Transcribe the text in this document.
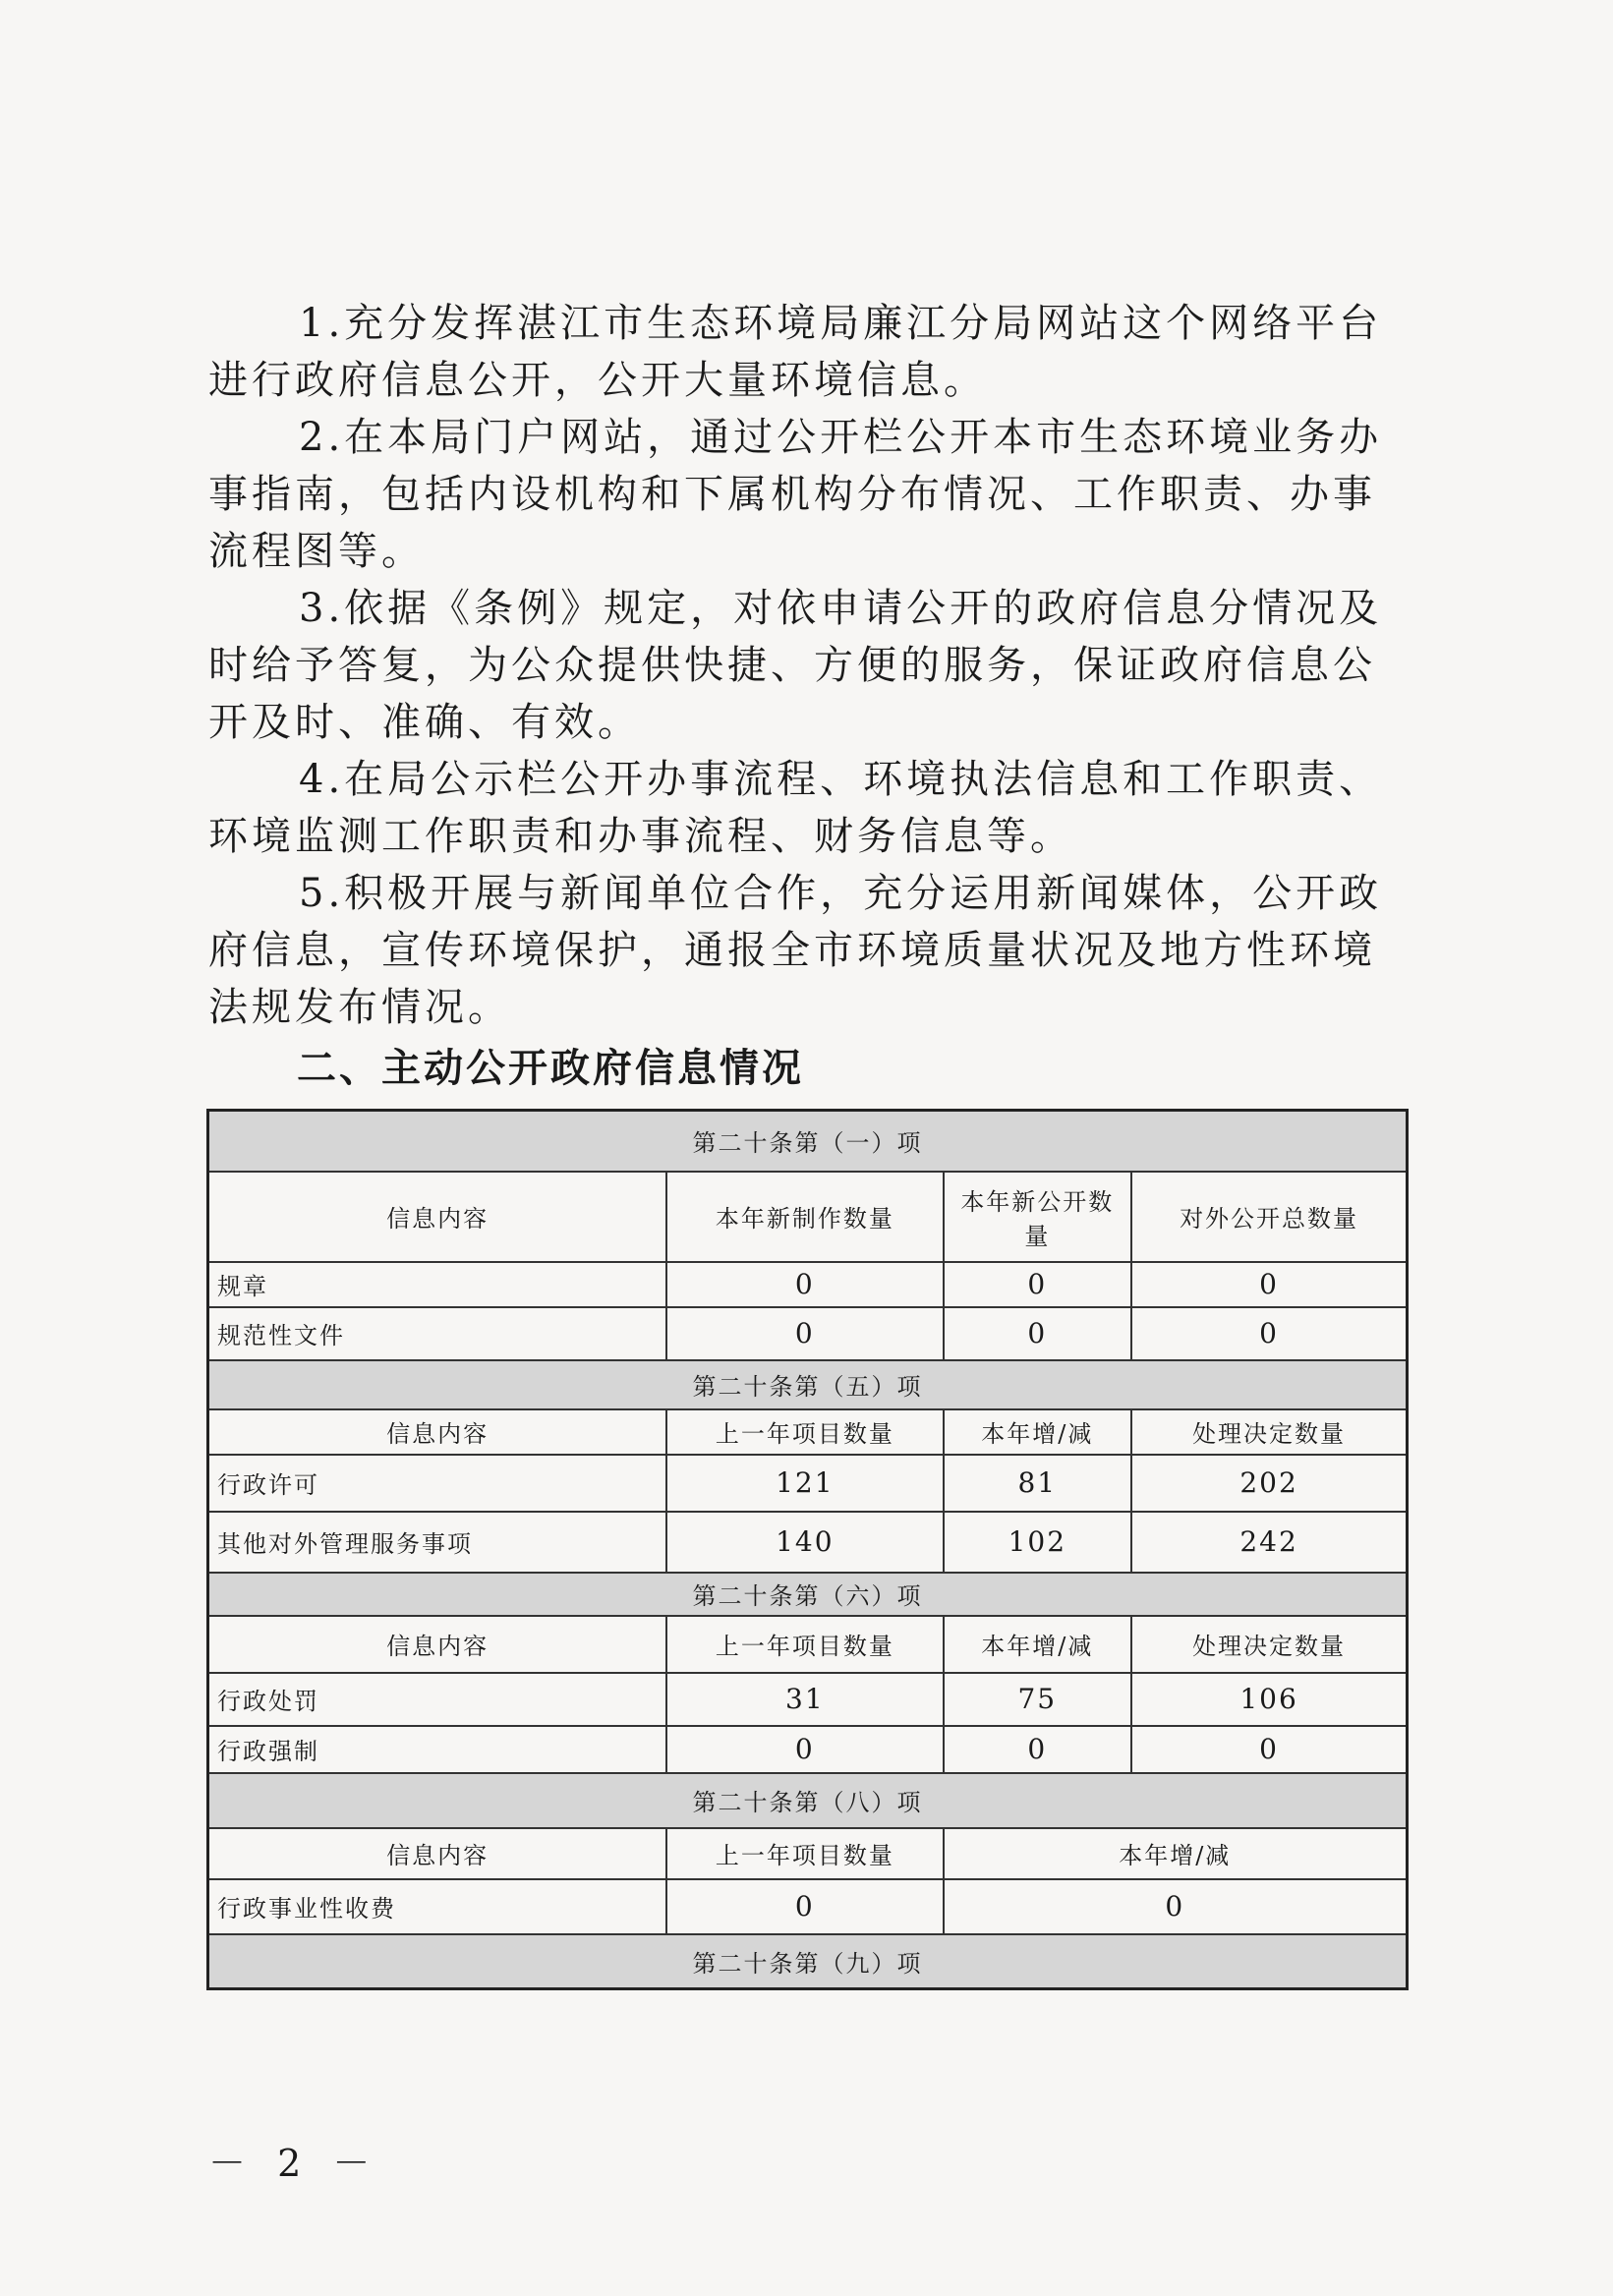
1.充分发挥湛江市生态环境局廉江分局网站这个网络平台进行政府信息公开，公开大量环境信息。

2.在本局门户网站，通过公开栏公开本市生态环境业务办事指南，包括内设机构和下属机构分布情况、工作职责、办事流程图等。

3.依据《条例》规定，对依申请公开的政府信息分情况及时给予答复，为公众提供快捷、方便的服务，保证政府信息公开及时、准确、有效。

4.在局公示栏公开办事流程、环境执法信息和工作职责、环境监测工作职责和办事流程、财务信息等。

5.积极开展与新闻单位合作，充分运用新闻媒体，公开政府信息，宣传环境保护，通报全市环境质量状况及地方性环境法规发布情况。

二、主动公开政府信息情况
第二十条第（一）项			
信息内容	本年新制作数量	本年新公开数量	对外公开总数量
规章	0	0	0
规范性文件	0	0	0
第二十条第（五）项			
信息内容	上一年项目数量	本年增/减	处理决定数量
行政许可	121	81	202
其他对外管理服务事项	140	102	242
第二十条第（六）项			
信息内容	上一年项目数量	本年增/减	处理决定数量
行政处罚	31	75	106
行政强制	0	0	0
第二十条第（八）项			
信息内容	上一年项目数量	本年增/减	
行政事业性收费	0	0	
第二十条第（九）项			

－ 2 －
